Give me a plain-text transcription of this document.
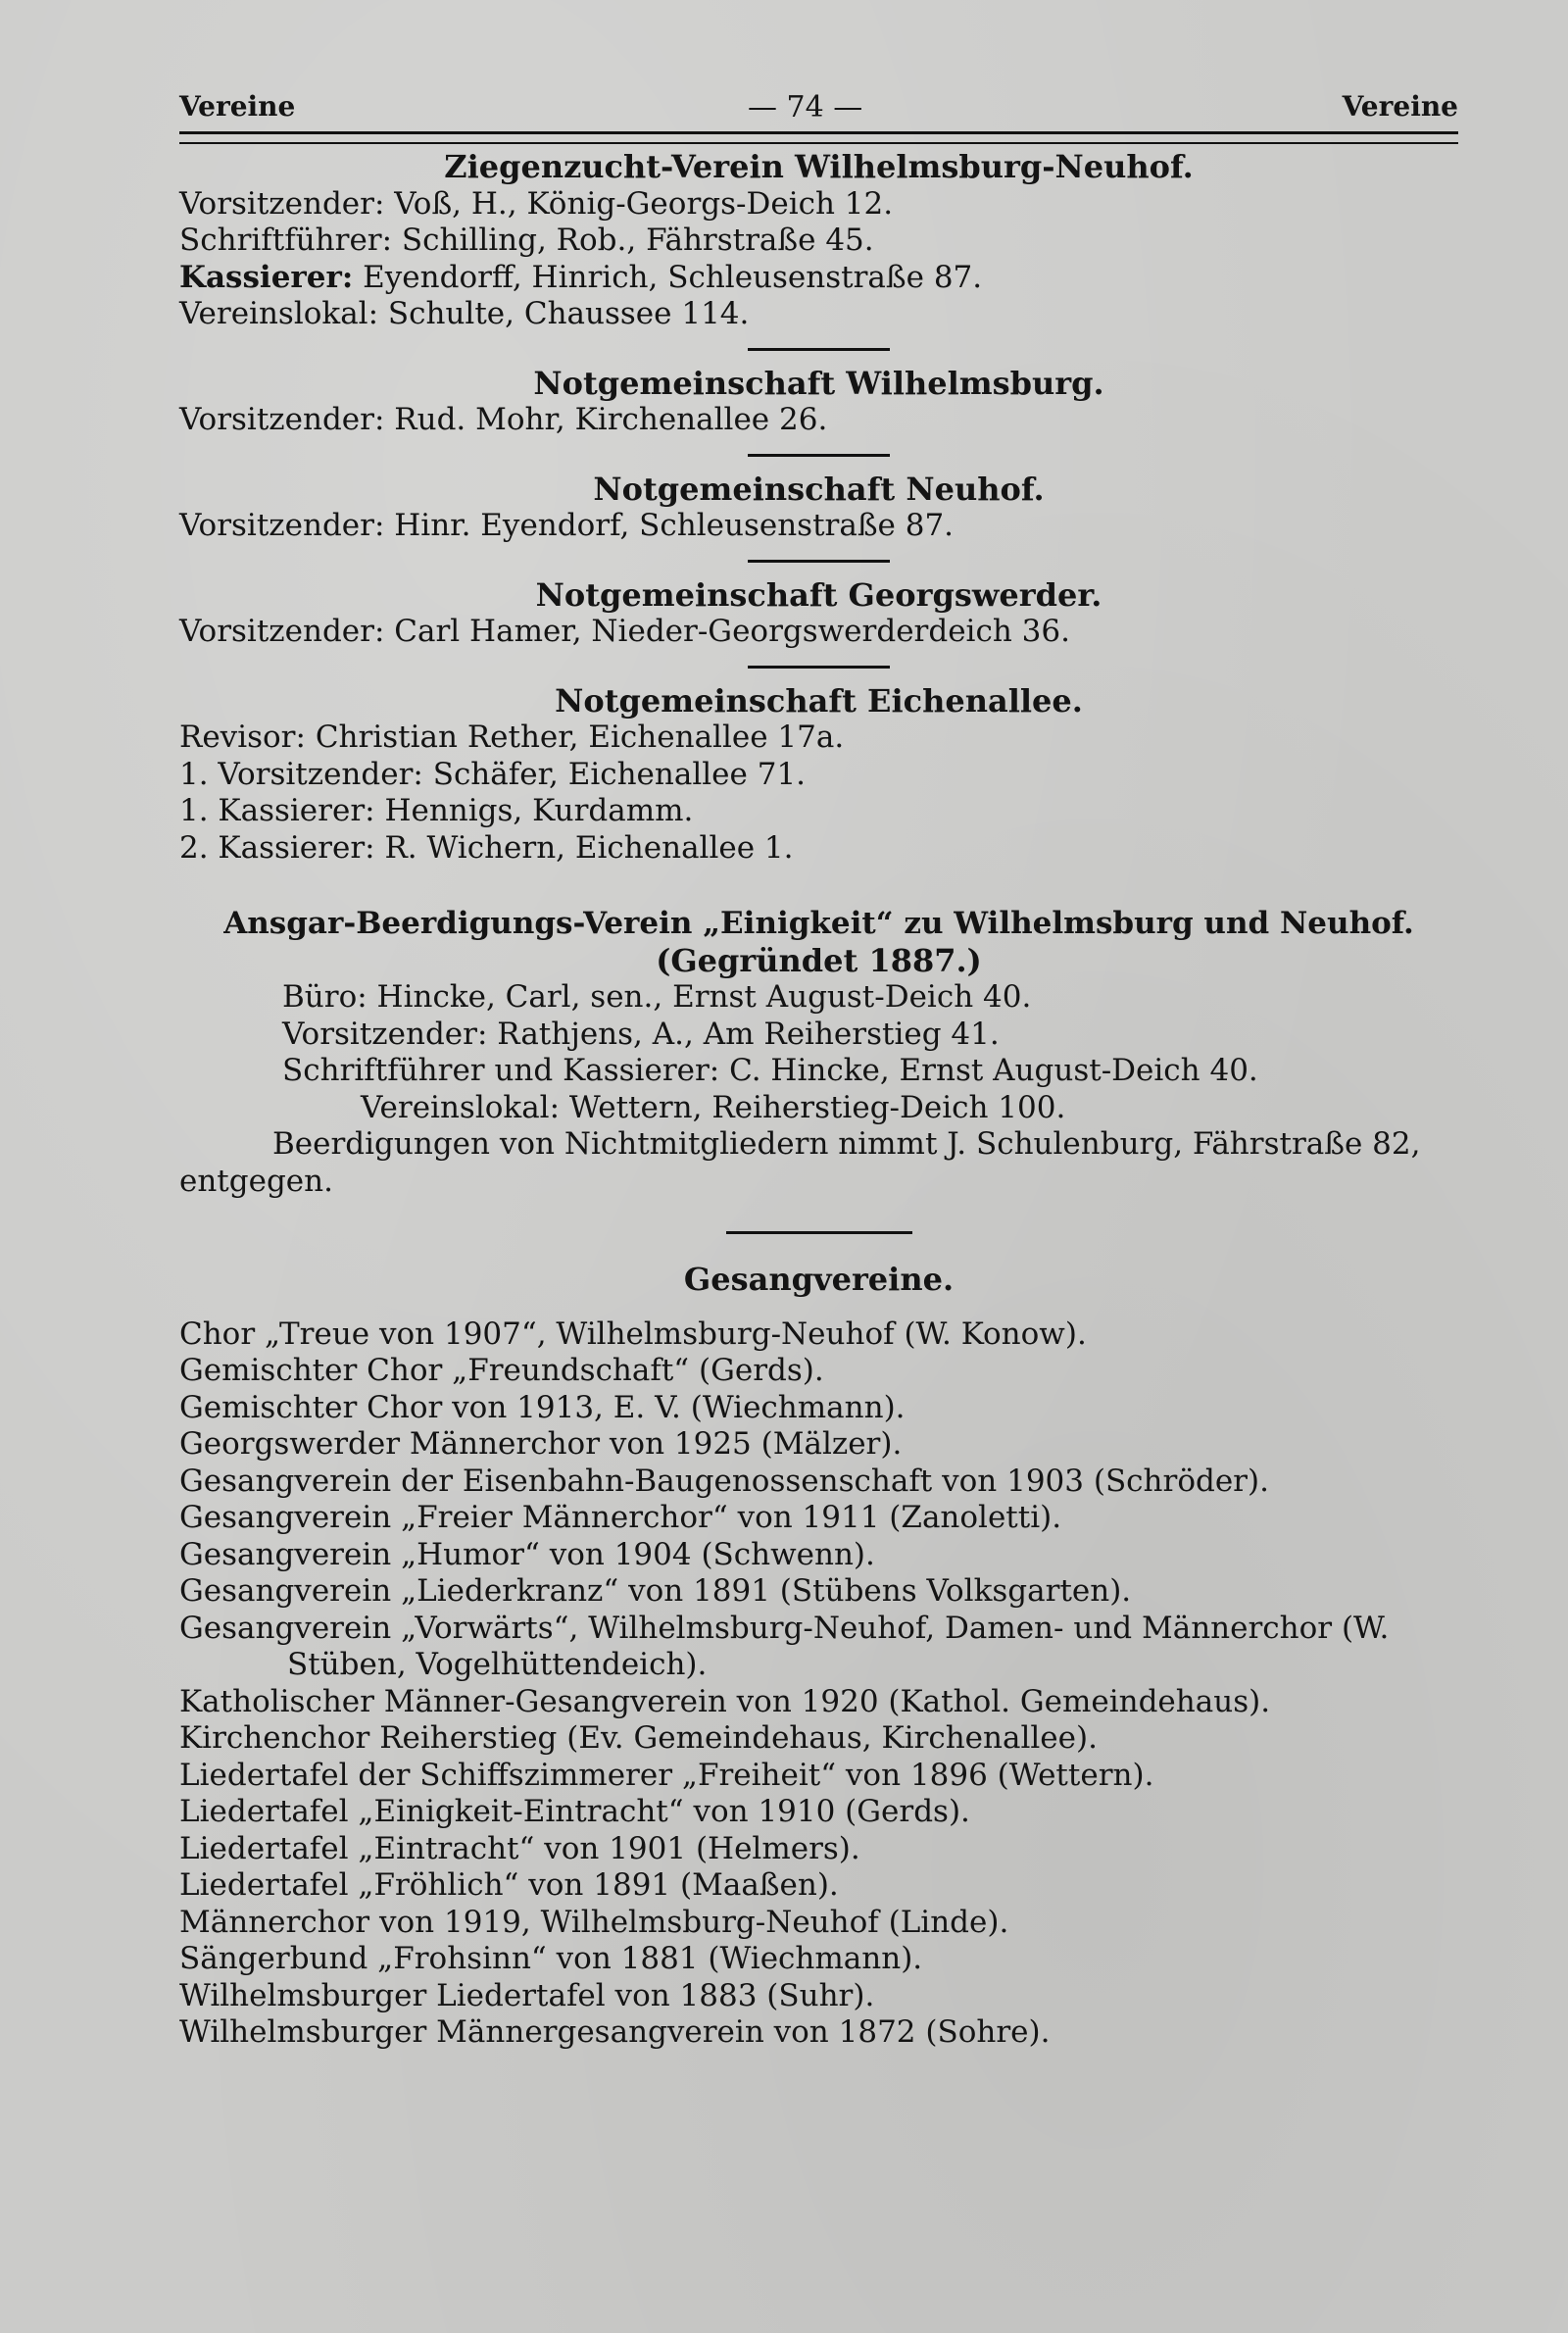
Vereine	— 74 —	Vereine
Ziegenzucht-Verein Wilhelmsburg-Neuhof.
Vorsitzender: Voß, H., König-Georgs-Deich 12.
Schriftführer: Schilling, Rob., Fährstraße 45.
Kassierer: Eyendorff, Hinrich, Schleusenstraße 87.
Vereinslokal: Schulte, Chaussee 114.
Notgemeinschaft Wilhelmsburg.
Vorsitzender: Rud. Mohr, Kirchenallee 26.
Notgemeinschaft Neuhof.
Vorsitzender: Hinr. Eyendorf, Schleusenstraße 87.
Notgemeinschaft Georgswerder.
Vorsitzender: Carl Hamer, Nieder-Georgswerderdeich 36.
Notgemeinschaft Eichenallee.
Revisor: Christian Rether, Eichenallee 17a.
1. Vorsitzender: Schäfer, Eichenallee 71.
1. Kassierer: Hennigs, Kurdamm.
2. Kassierer: R. Wichern, Eichenallee 1.
Ansgar-Beerdigungs-Verein „Einigkeit“ zu Wilhelmsburg und Neuhof.
(Gegründet 1887.)
Büro: Hincke, Carl, sen., Ernst August-Deich 40.
Vorsitzender: Rathjens, A., Am Reiherstieg 41.
Schriftführer und Kassierer: C. Hincke, Ernst August-Deich 40.
Vereinslokal: Wettern, Reiherstieg-Deich 100.
Beerdigungen von Nichtmitgliedern nimmt J. Schulenburg, Fährstraße 82, entgegen.
Gesangvereine.
Chor „Treue von 1907“, Wilhelmsburg-Neuhof (W. Konow).
Gemischter Chor „Freundschaft“ (Gerds).
Gemischter Chor von 1913, E. V. (Wiechmann).
Georgswerder Männerchor von 1925 (Mälzer).
Gesangverein der Eisenbahn-Baugenossenschaft von 1903 (Schröder).
Gesangverein „Freier Männerchor“ von 1911 (Zanoletti).
Gesangverein „Humor“ von 1904 (Schwenn).
Gesangverein „Liederkranz“ von 1891 (Stübens Volksgarten).
Gesangverein „Vorwärts“, Wilhelmsburg-Neuhof, Damen- und Männerchor (W. Stüben, Vogelhüttendeich).
Katholischer Männer-Gesangverein von 1920 (Kathol. Gemeindehaus).
Kirchenchor Reiherstieg (Ev. Gemeindehaus, Kirchenallee).
Liedertafel der Schiffszimmerer „Freiheit“ von 1896 (Wettern).
Liedertafel „Einigkeit-Eintracht“ von 1910 (Gerds).
Liedertafel „Eintracht“ von 1901 (Helmers).
Liedertafel „Fröhlich“ von 1891 (Maaßen).
Männerchor von 1919, Wilhelmsburg-Neuhof (Linde).
Sängerbund „Frohsinn“ von 1881 (Wiechmann).
Wilhelmsburger Liedertafel von 1883 (Suhr).
Wilhelmsburger Männergesangverein von 1872 (Sohre).
